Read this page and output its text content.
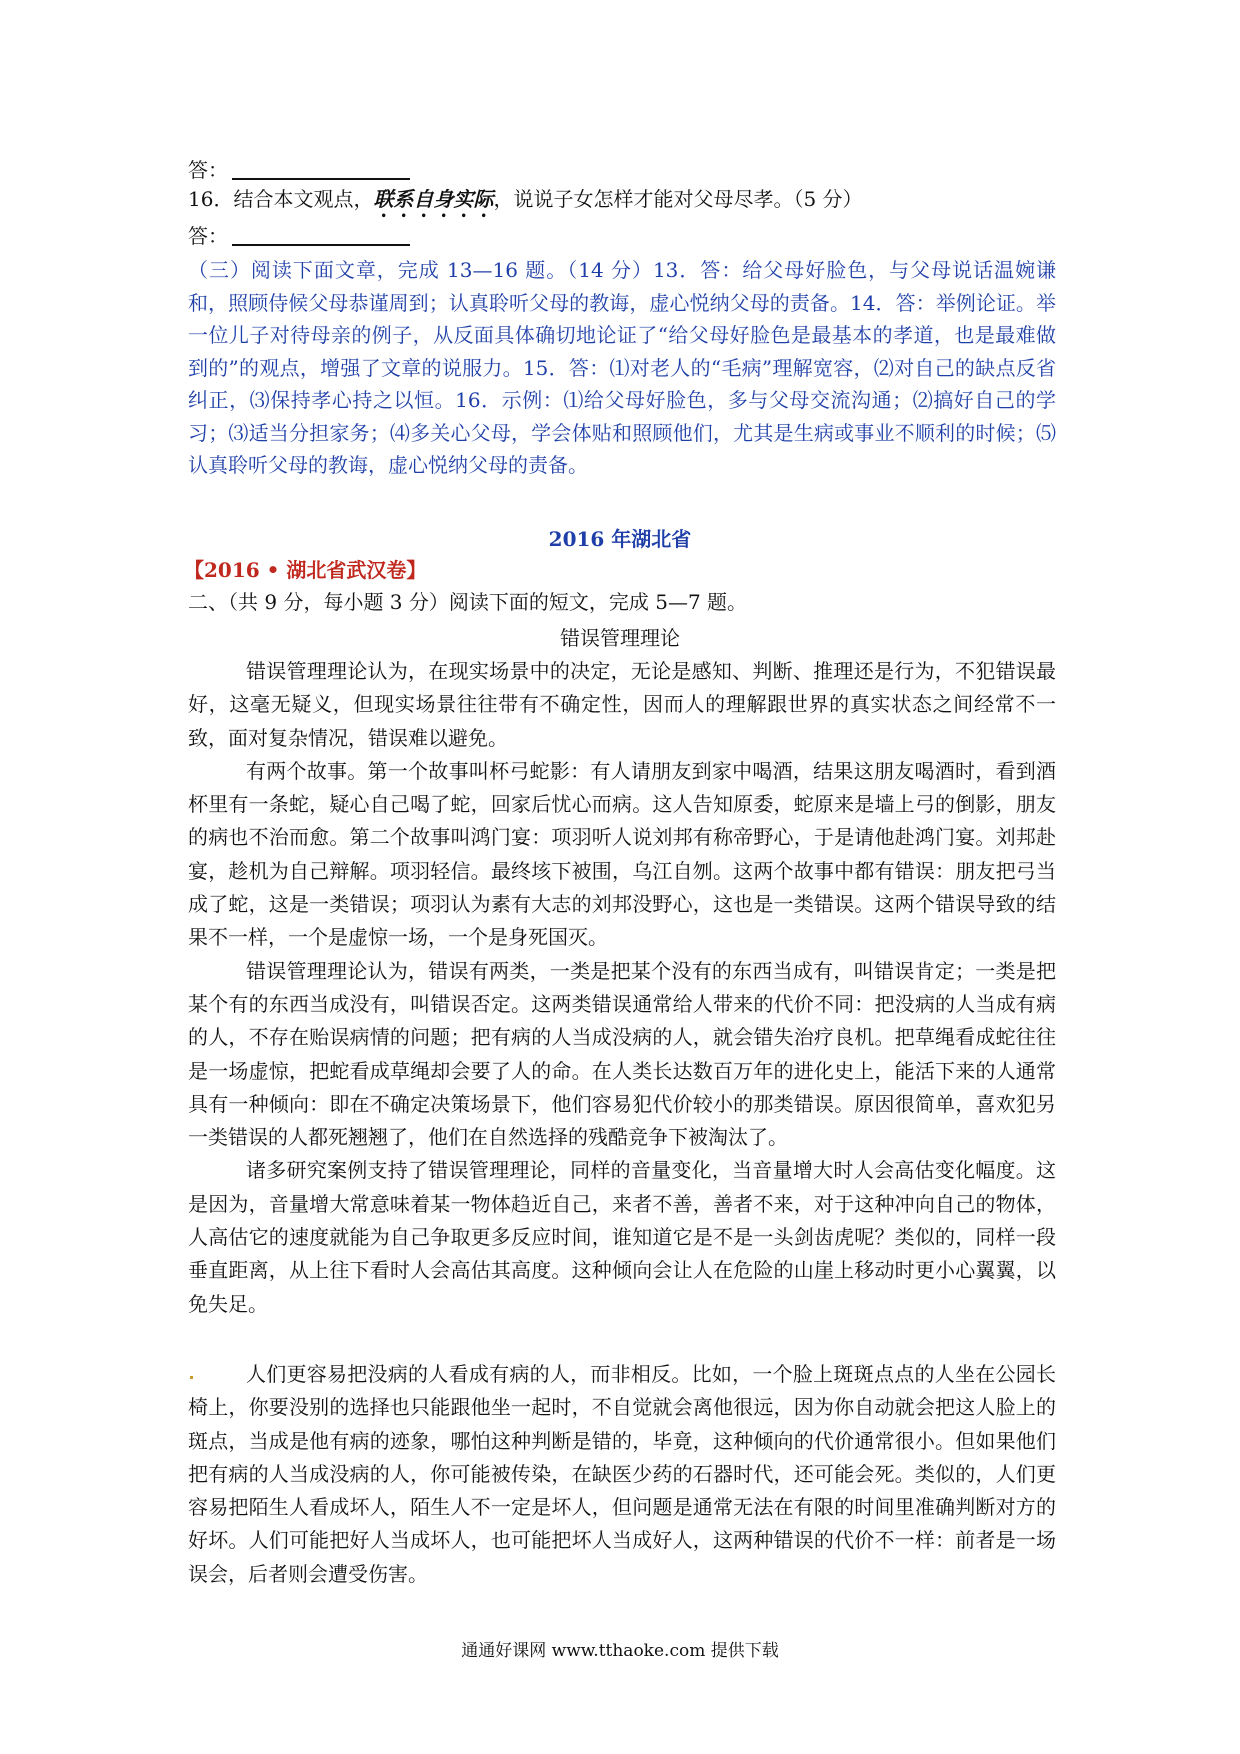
答：
16．结合本文观点，联系自身实际，说说子女怎样才能对父母尽孝。（5 分）
答：
（三）阅读下面文章，完成 13—16 题。（14 分）13．答：给父母好脸色，与父母说话温婉谦和，照顾侍候父母恭谨周到；认真聆听父母的教诲，虚心悦纳父母的责备。14．答：举例论证。举一位儿子对待母亲的例子，从反面具体确切地论证了“给父母好脸色是最基本的孝道，也是最难做到的”的观点，增强了文章的说服力。15．答：⑴对老人的“毛病”理解宽容，⑵对自己的缺点反省纠正，⑶保持孝心持之以恒。16．示例：⑴给父母好脸色，多与父母交流沟通；⑵搞好自己的学习；⑶适当分担家务；⑷多关心父母，学会体贴和照顾他们，尤其是生病或事业不顺利的时候；⑸认真聆听父母的教诲，虚心悦纳父母的责备。
2016 年湖北省
【2016 • 湖北省武汉卷】
二、（共 9 分，每小题 3 分）阅读下面的短文，完成 5—7 题。
错误管理理论

错误管理理论认为，在现实场景中的决定，无论是感知、判断、推理还是行为，不犯错误最好，这毫无疑义，但现实场景往往带有不确定性，因而人的理解跟世界的真实状态之间经常不一致，面对复杂情况，错误难以避免。

有两个故事。第一个故事叫杯弓蛇影：有人请朋友到家中喝酒，结果这朋友喝酒时，看到酒杯里有一条蛇，疑心自己喝了蛇，回家后忧心而病。这人告知原委，蛇原来是墙上弓的倒影，朋友的病也不治而愈。第二个故事叫鸿门宴：项羽听人说刘邦有称帝野心，于是请他赴鸿门宴。刘邦赴宴，趁机为自己辩解。项羽轻信。最终垓下被围，乌江自刎。这两个故事中都有错误：朋友把弓当成了蛇，这是一类错误；项羽认为素有大志的刘邦没野心，这也是一类错误。这两个错误导致的结果不一样，一个是虚惊一场，一个是身死国灭。

错误管理理论认为，错误有两类，一类是把某个没有的东西当成有，叫错误肯定；一类是把某个有的东西当成没有，叫错误否定。这两类错误通常给人带来的代价不同：把没病的人当成有病的人，不存在贻误病情的问题；把有病的人当成没病的人，就会错失治疗良机。把草绳看成蛇往往是一场虚惊，把蛇看成草绳却会要了人的命。在人类长达数百万年的进化史上，能活下来的人通常具有一种倾向：即在不确定决策场景下，他们容易犯代价较小的那类错误。原因很简单，喜欢犯另一类错误的人都死翘翘了，他们在自然选择的残酷竞争下被淘汰了。

诸多研究案例支持了错误管理理论，同样的音量变化，当音量增大时人会高估变化幅度。这是因为，音量增大常意味着某一物体趋近自己，来者不善，善者不来，对于这种冲向自己的物体，人高估它的速度就能为自己争取更多反应时间，谁知道它是不是一头剑齿虎呢？类似的，同样一段垂直距离，从上往下看时人会高估其高度。这种倾向会让人在危险的山崖上移动时更小心翼翼，以免失足。

人们更容易把没病的人看成有病的人，而非相反。比如，一个脸上斑斑点点的人坐在公园长椅上，你要没别的选择也只能跟他坐一起时，不自觉就会离他很远，因为你自动就会把这人脸上的斑点，当成是他有病的迹象，哪怕这种判断是错的，毕竟，这种倾向的代价通常很小。但如果他们把有病的人当成没病的人，你可能被传染，在缺医少药的石器时代，还可能会死。类似的，人们更容易把陌生人看成坏人，陌生人不一定是坏人，但问题是通常无法在有限的时间里准确判断对方的好坏。人们可能把好人当成坏人，也可能把坏人当成好人，这两种错误的代价不一样：前者是一场误会，后者则会遭受伤害。

通通好课网 www.tthaoke.com 提供下载
